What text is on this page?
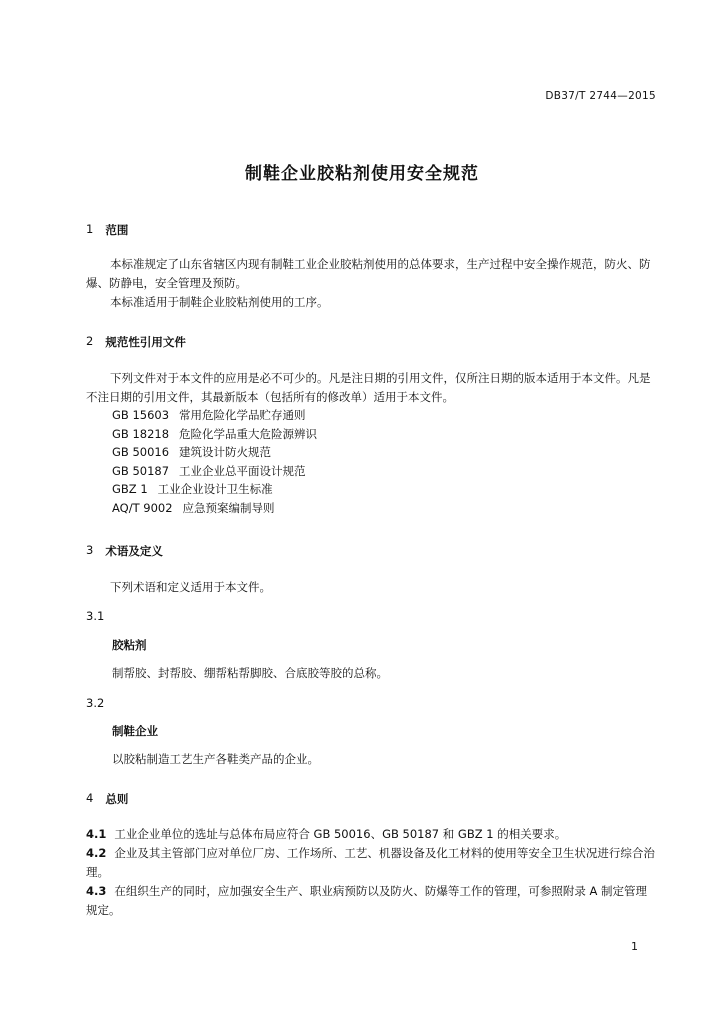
DB37/T 2744—2015
制鞋企业胶粘剂使用安全规范
1 范围
本标准规定了山东省辖区内现有制鞋工业企业胶粘剂使用的总体要求，生产过程中安全操作规范，防火、防爆、防静电，安全管理及预防。
本标准适用于制鞋企业胶粘剂使用的工序。
2 规范性引用文件
下列文件对于本文件的应用是必不可少的。凡是注日期的引用文件，仅所注日期的版本适用于本文件。凡是不注日期的引用文件，其最新版本（包括所有的修改单）适用于本文件。
GB 15603 常用危险化学品贮存通则
GB 18218 危险化学品重大危险源辨识
GB 50016 建筑设计防火规范
GB 50187 工业企业总平面设计规范
GBZ 1 工业企业设计卫生标准
AQ/T 9002 应急预案编制导则
3 术语及定义
下列术语和定义适用于本文件。
3.1
胶粘剂
制帮胶、封帮胶、绷帮粘帮脚胶、合底胶等胶的总称。
3.2
制鞋企业
以胶粘制造工艺生产各鞋类产品的企业。
4 总则
4.1 工业企业单位的选址与总体布局应符合 GB 50016、GB 50187 和 GBZ 1 的相关要求。
4.2 企业及其主管部门应对单位厂房、工作场所、工艺、机器设备及化工材料的使用等安全卫生状况进行综合治理。
4.3 在组织生产的同时，应加强安全生产、职业病预防以及防火、防爆等工作的管理，可参照附录 A 制定管理规定。
1
